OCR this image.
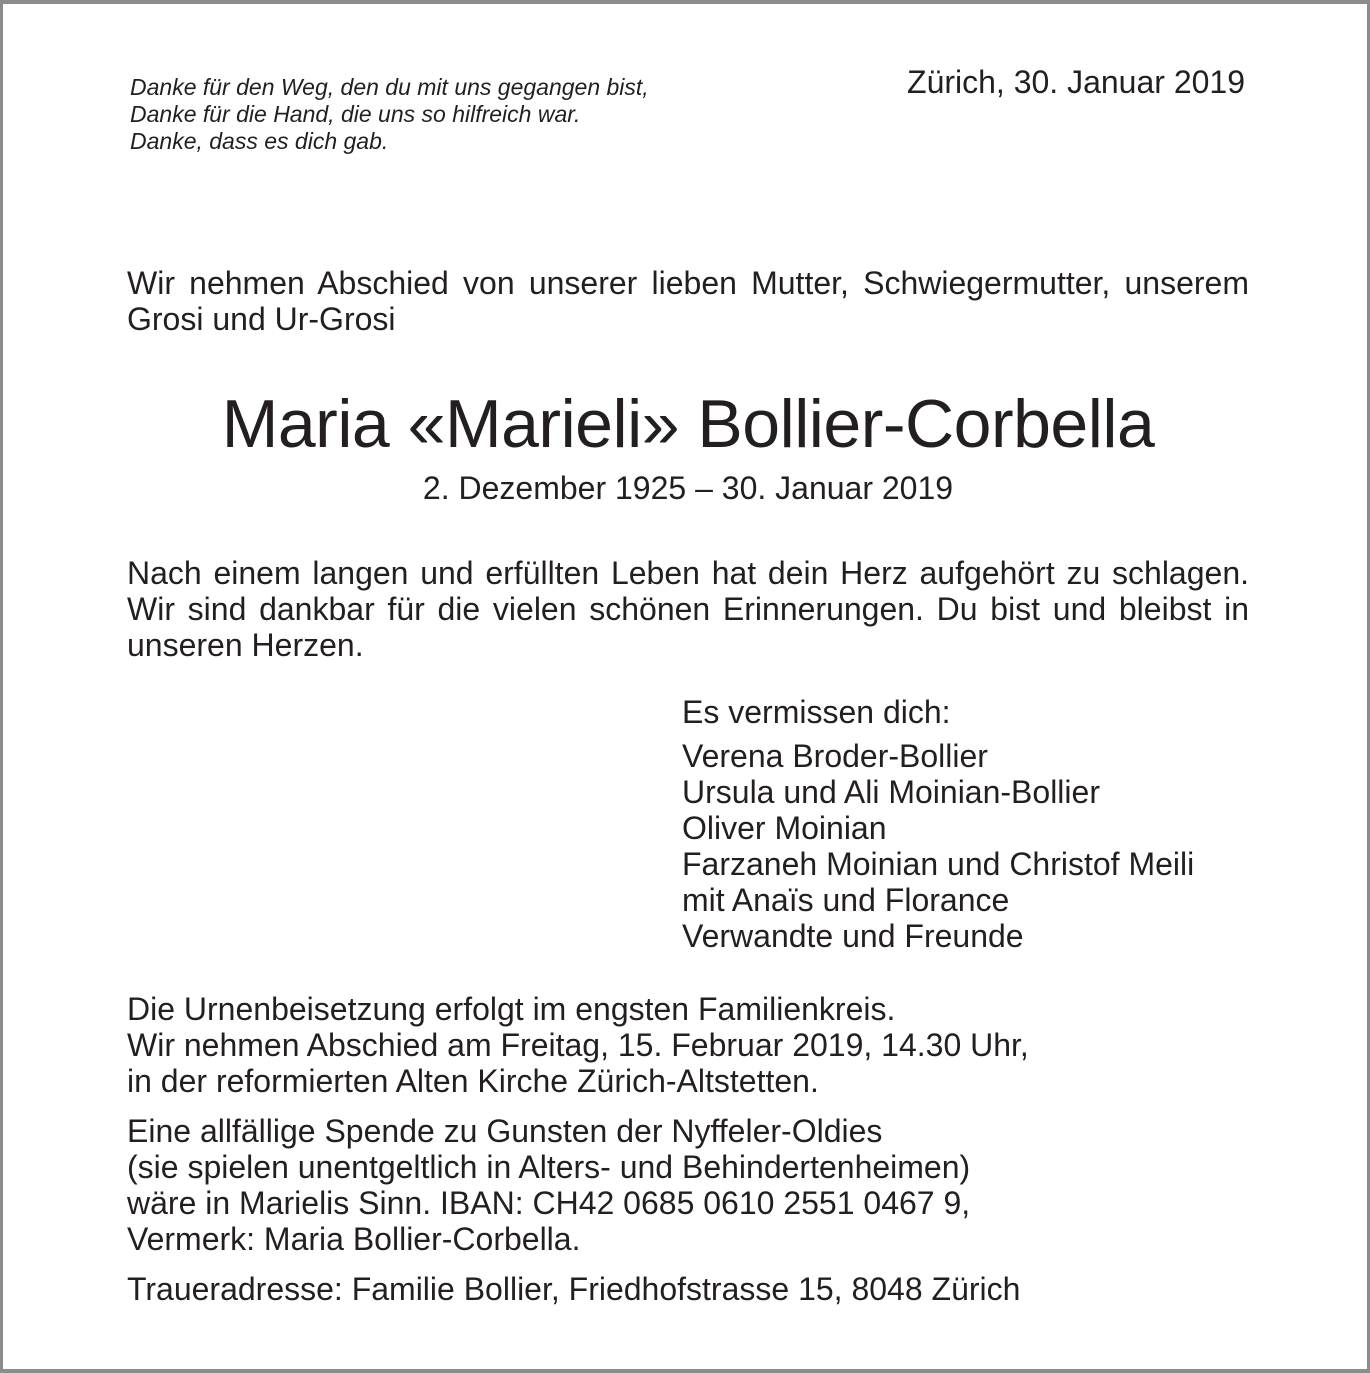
Danke für den Weg, den du mit uns gegangen bist,
Danke für die Hand, die uns so hilfreich war.
Danke, dass es dich gab.
Zürich, 30. Januar 2019
Wir nehmen Abschied von unserer lieben Mutter, Schwiegermutter, unserem Grosi und Ur-Grosi
Maria «Marieli» Bollier-Corbella
2. Dezember 1925 – 30. Januar 2019
Nach einem langen und erfüllten Leben hat dein Herz aufgehört zu schlagen. Wir sind dankbar für die vielen schönen Erinnerungen. Du bist und bleibst in unseren Herzen.
Es vermissen dich:
Verena Broder-Bollier
Ursula und Ali Moinian-Bollier
Oliver Moinian
Farzaneh Moinian und Christof Meili
mit Anaïs und Florance
Verwandte und Freunde
Die Urnenbeisetzung erfolgt im engsten Familienkreis.
Wir nehmen Abschied am Freitag, 15. Februar 2019, 14.30 Uhr,
in der reformierten Alten Kirche Zürich-Altstetten.
Eine allfällige Spende zu Gunsten der Nyffeler-Oldies
(sie spielen unentgeltlich in Alters- und Behindertenheimen)
wäre in Marielis Sinn. IBAN: CH42 0685 0610 2551 0467 9,
Vermerk: Maria Bollier-Corbella.
Traueradresse: Familie Bollier, Friedhofstrasse 15, 8048 Zürich
